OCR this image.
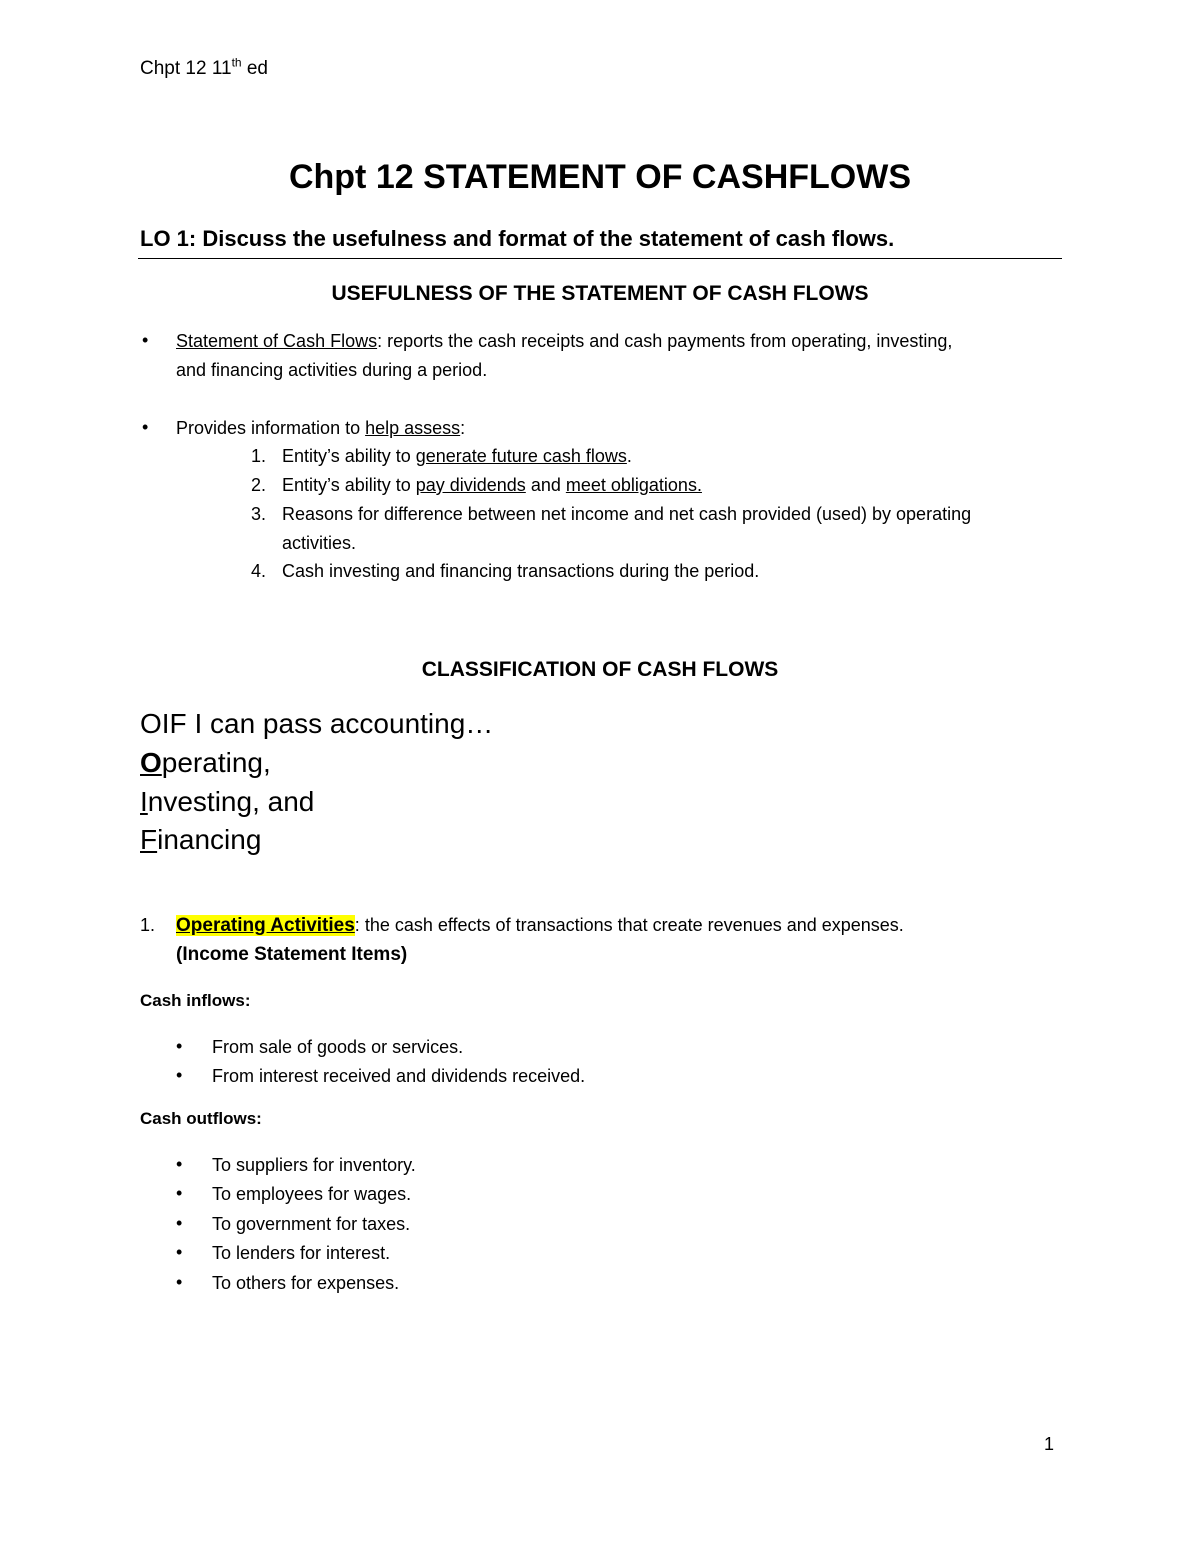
Chpt 12 11th ed
Chpt 12 STATEMENT OF CASHFLOWS
LO 1: Discuss the usefulness and format of the statement of cash flows.
USEFULNESS OF THE STATEMENT OF CASH FLOWS
• Statement of Cash Flows: reports the cash receipts and cash payments from operating, investing,
and financing activities during a period.
• Provides information to help assess:
1. Entity’s ability to generate future cash flows.
2. Entity’s ability to pay dividends and meet obligations.
3. Reasons for difference between net income and net cash provided (used) by operating
activities.
4. Cash investing and financing transactions during the period.
CLASSIFICATION OF CASH FLOWS
OIF I can pass accounting…
Operating,
Investing, and
Financing
1. Operating Activities: the cash effects of transactions that create revenues and expenses.
(Income Statement Items)
Cash inflows:
• From sale of goods or services.
• From interest received and dividends received.
Cash outflows:
• To suppliers for inventory.
• To employees for wages.
• To government for taxes.
• To lenders for interest.
• To others for expenses.
1
